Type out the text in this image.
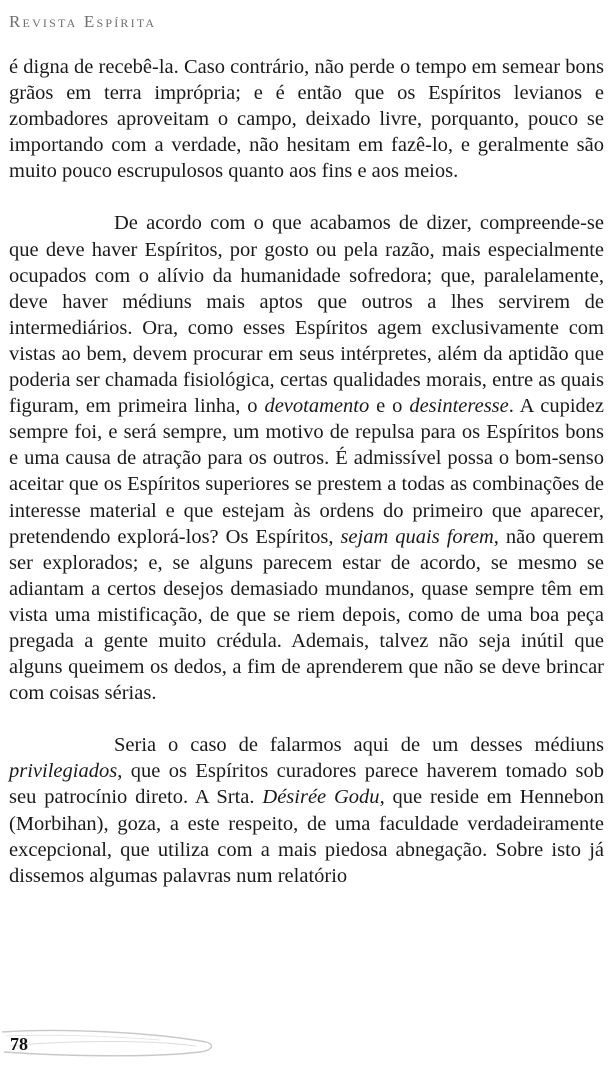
Revista Espírita

é digna de recebê-la. Caso contrário, não perde o tempo em semear bons grãos em terra imprópria; e é então que os Espíritos levianos e zombadores aproveitam o campo, deixado livre, porquanto, pouco se importando com a verdade, não hesitam em fazê-lo, e geralmente são muito pouco escrupulosos quanto aos fins e aos meios.

De acordo com o que acabamos de dizer, compreende-se que deve haver Espíritos, por gosto ou pela razão, mais especialmente ocupados com o alívio da humanidade sofredora; que, paralelamente, deve haver médiuns mais aptos que outros a lhes servirem de intermediários. Ora, como esses Espíritos agem exclusivamente com vistas ao bem, devem procurar em seus intérpretes, além da aptidão que poderia ser chamada fisiológica, certas qualidades morais, entre as quais figuram, em primeira linha, o devotamento e o desinteresse. A cupidez sempre foi, e será sempre, um motivo de repulsa para os Espíritos bons e uma causa de atração para os outros. É admissível possa o bom-senso aceitar que os Espíritos superiores se prestem a todas as combinações de interesse material e que estejam às ordens do primeiro que aparecer, pretendendo explorá-los? Os Espíritos, sejam quais forem, não querem ser explorados; e, se alguns parecem estar de acordo, se mesmo se adiantam a certos desejos demasiado mundanos, quase sempre têm em vista uma mistificação, de que se riem depois, como de uma boa peça pregada a gente muito crédula. Ademais, talvez não seja inútil que alguns queimem os dedos, a fim de aprenderem que não se deve brincar com coisas sérias.

Seria o caso de falarmos aqui de um desses médiuns privilegiados, que os Espíritos curadores parece haverem tomado sob seu patrocínio direto. A Srta. Désirée Godu, que reside em Hennebon (Morbihan), goza, a este respeito, de uma faculdade verdadeiramente excepcional, que utiliza com a mais piedosa abnegação. Sobre isto já dissemos algumas palavras num relatório

78
